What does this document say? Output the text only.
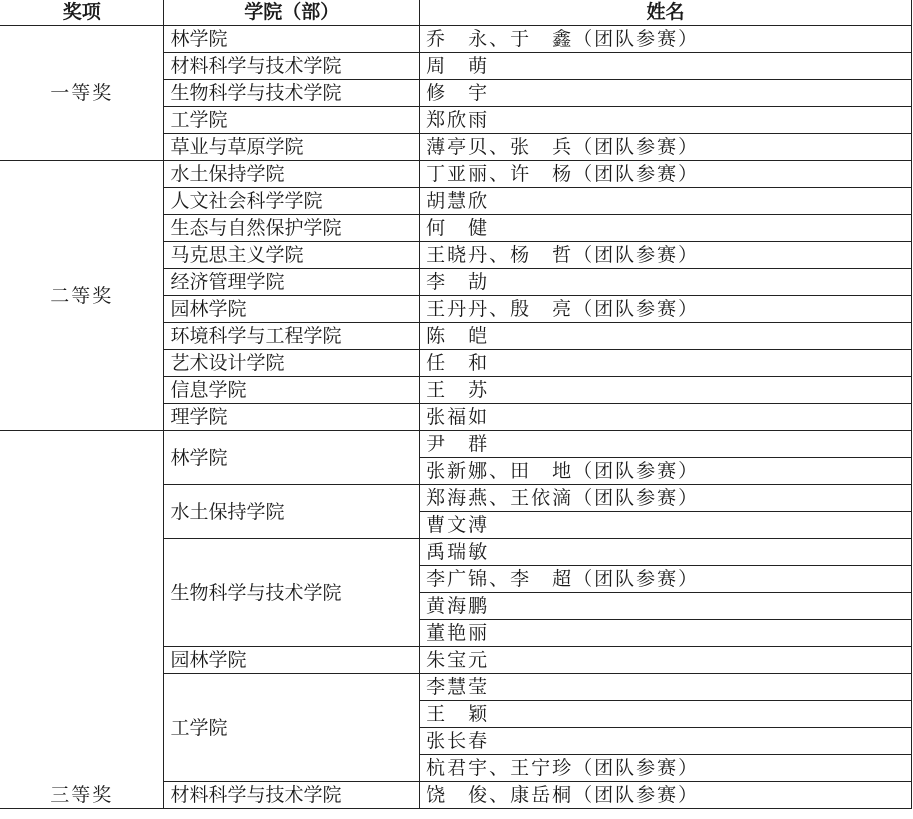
奖项	学院（部）	姓名
一等奖	林学院	乔　永、于　鑫（团队参赛）
	材料科学与技术学院	周　萌
	生物科学与技术学院	修　宇
	工学院	郑欣雨
	草业与草原学院	薄亭贝、张　兵（团队参赛）
二等奖	水土保持学院	丁亚丽、许　杨（团队参赛）
	人文社会科学学院	胡慧欣
	生态与自然保护学院	何　健
	马克思主义学院	王晓丹、杨　哲（团队参赛）
	经济管理学院	李　劼
	园林学院	王丹丹、殷　亮（团队参赛）
	环境科学与工程学院	陈　皑
	艺术设计学院	任　和
	信息学院	王　苏
	理学院	张福如
三等奖	林学院	尹　群
		张新娜、田　地（团队参赛）
	水土保持学院	郑海燕、王依滴（团队参赛）
		曹文溥
	生物科学与技术学院	禹瑞敏
		李广锦、李　超（团队参赛）
		黄海鹏
		董艳丽
	园林学院	朱宝元
	工学院	李慧莹
		王　颖
		张长春
		杭君宇、王宁珍（团队参赛）
	材料科学与技术学院	饶　俊、康岳桐（团队参赛）
